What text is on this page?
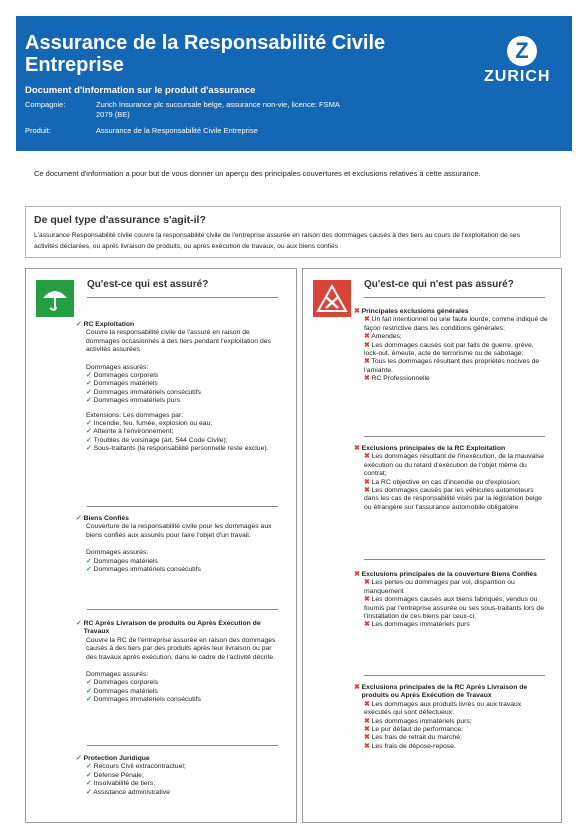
Assurance de la Responsabilité Civile Entreprise
Document d'information sur le produit d'assurance
Compagnie:	Zurich Insurance plc succursale belge, assurance non-vie, licence: FSMA 2079 (BE)
Produit:	Assurance de la Responsabilité Civile Entreprise
Z
ZURICH
Ce document d'information a pour but de vous donner un aperçu des principales couvertures et exclusions relatives à cette assurance.
De quel type d'assurance s'agit-il?
L'assurance Responsabilité civile couvre la responsabilité civile de l'entreprise assurée en raison des dommages causés à des tiers au cours de l'exploitation de ses activités déclarées, ou après livraison de produits, ou après exécution de travaux, ou aux biens confiés
Qu'est-ce qui est assuré?
✓ RC Exploitation
Couvre la responsabilité civile de l'assuré en raison de dommages occasionnés à des tiers pendant l'exploitation des activités assurées
Dommages assurés:
✓ Dommages corporels
✓ Dommages matériels
✓ Dommages immatériels consécutifs
✓ Dommages immatériels purs
Extensions: Les dommages par:
✓ Incendie, feu, fumée, explosion ou eau;
✓ Atteinte à l'environnement;
✓ Troubles de voisinage (art. 544 Code Civile);
✓ Sous-traitants (la responsabilité personnelle reste exclue).
✓ Biens Confiés
Couverture de la responsabilité civile pour les dommages aux biens confiés aux assurés pour faire l'objet d'un travail.
Dommages assurés:
✓ Dommages matériels
✓ Dommages immatériels consécutifs
✓
RC Après Livraison de produits ou Après Exécution de Travaux
Couvre la RC de l'entreprise assurée en raison des dommages causés à des tiers par des produits après leur livraison ou par des travaux après exécution, dans le cadre de l'activité décrite.
Dommages assurés:
✓ Dommages corporels
✓ Dommages matériels
✓ Dommages immatériels consécutifs
✓ Protection Juridique
✓ Recours Civil extracontractuel;
✓ Défense Pénale;
✓ Insolvabilité de tiers;
✓ Assistance administrative
Qu'est-ce qui n'est pas assuré?
✖ Principales exclusions générales
✖ Un fait intentionnel ou une faute lourde, comme indiqué de façon restrictive dans les conditions générales;
✖ Amendes;
✖ Les dommages causés soit par faits de guerre, grève, lock-out, émeute, acte de terrorisme ou de sabotage;
✖ Tous les dommages résultant des propriétés nocives de l'amiante.
✖ RC Professionnelle
✖ Exclusions principales de la RC Exploitation
✖ Les dommages résultant de l'inexécution, de la mauvaise exécution ou du retard d'exécution de l'objet même du contrat;
✖ La RC objective en cas d'incendie ou d'explosion;
✖ Les dommages causés par les véhicules automoteurs dans les cas de responsabilité visés par la législation belge ou étrangère sur l'assurance automobile obligatoire
✖
Exclusions principales de la couverture Biens Confiés
✖ Les pertes ou dommages par vol, disparition ou manquement
✖ Les dommages causés aux biens fabriqués, vendus ou fournis par l'entreprise assurée ou ses sous-traitants lors de l'installation de ces biens par ceux-ci;
✖ Les dommages immatériels purs
✖
Exclusions principales de la RC Après Livraison de produits ou Après Exécution de Travaux
✖ Les dommages aux produits livrés ou aux travaux exécutés qui sont défectueux;
✖ Les dommages immatériels purs;
✖ Le pur défaut de performance;
✖ Les frais de retrait du marché;
✖ Les frais de dépose-repose.
